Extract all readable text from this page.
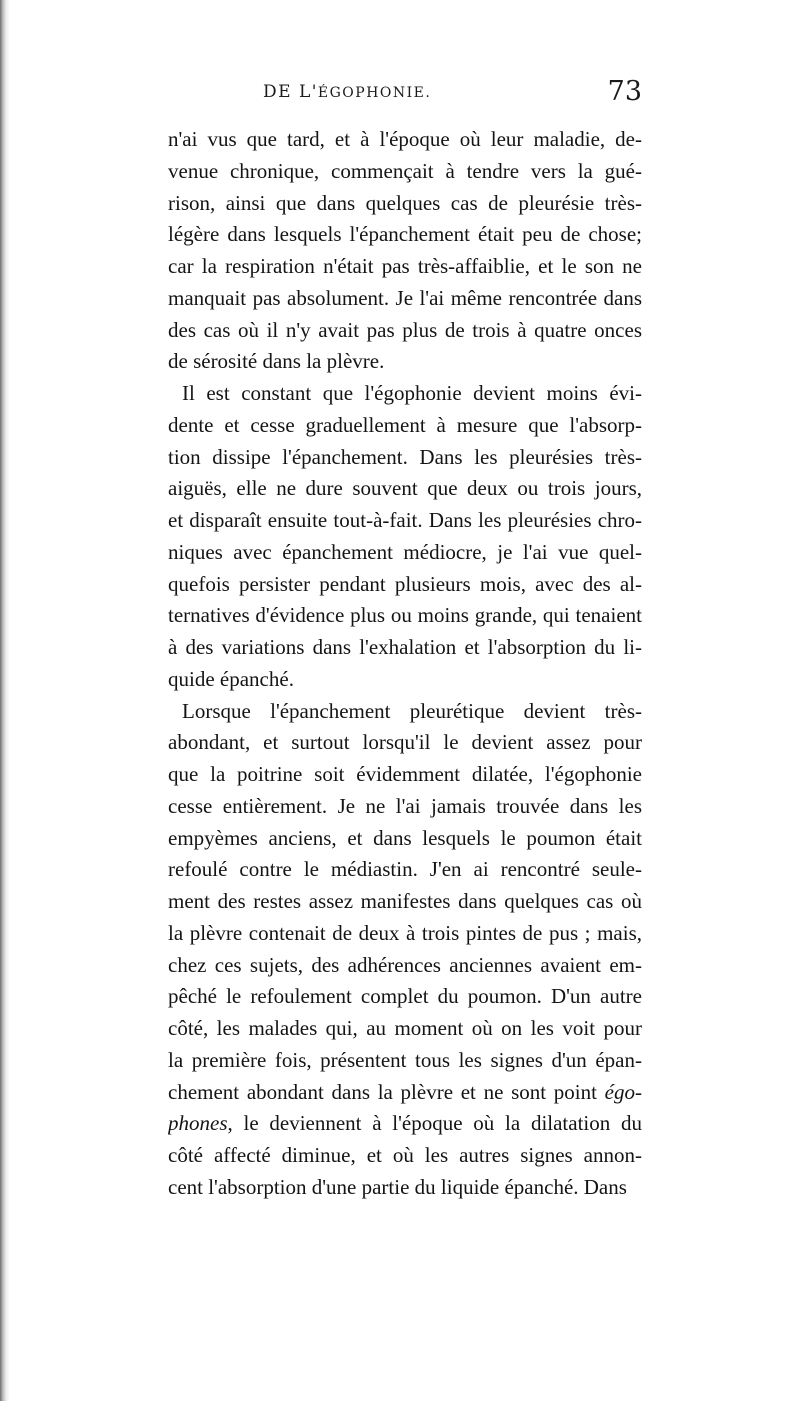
DE L'ÉGOPHONIE.	73
n'ai vus que tard, et à l'époque où leur maladie, de-
venue chronique, commençait à tendre vers la gué-
rison, ainsi que dans quelques cas de pleurésie très-
légère dans lesquels l'épanchement était peu de chose;
car la respiration n'était pas très-affaiblie, et le son ne
manquait pas absolument. Je l'ai même rencontrée dans
des cas où il n'y avait pas plus de trois à quatre onces
de sérosité dans la plèvre.
Il est constant que l'égophonie devient moins évi-
dente et cesse graduellement à mesure que l'absorp-
tion dissipe l'épanchement. Dans les pleurésies très-
aiguës, elle ne dure souvent que deux ou trois jours,
et disparaît ensuite tout-à-fait. Dans les pleurésies chro-
niques avec épanchement médiocre, je l'ai vue quel-
quefois persister pendant plusieurs mois, avec des al-
ternatives d'évidence plus ou moins grande, qui tenaient
à des variations dans l'exhalation et l'absorption du li-
quide épanché.
Lorsque l'épanchement pleurétique devient très-
abondant, et surtout lorsqu'il le devient assez pour
que la poitrine soit évidemment dilatée, l'égophonie
cesse entièrement. Je ne l'ai jamais trouvée dans les
empyèmes anciens, et dans lesquels le poumon était
refoulé contre le médiastin. J'en ai rencontré seule-
ment des restes assez manifestes dans quelques cas où
la plèvre contenait de deux à trois pintes de pus ; mais,
chez ces sujets, des adhérences anciennes avaient em-
pêché le refoulement complet du poumon. D'un autre
côté, les malades qui, au moment où on les voit pour
la première fois, présentent tous les signes d'un épan-
chement abondant dans la plèvre et ne sont point égo-
phones, le deviennent à l'époque où la dilatation du
côté affecté diminue, et où les autres signes annon-
cent l'absorption d'une partie du liquide épanché. Dans
